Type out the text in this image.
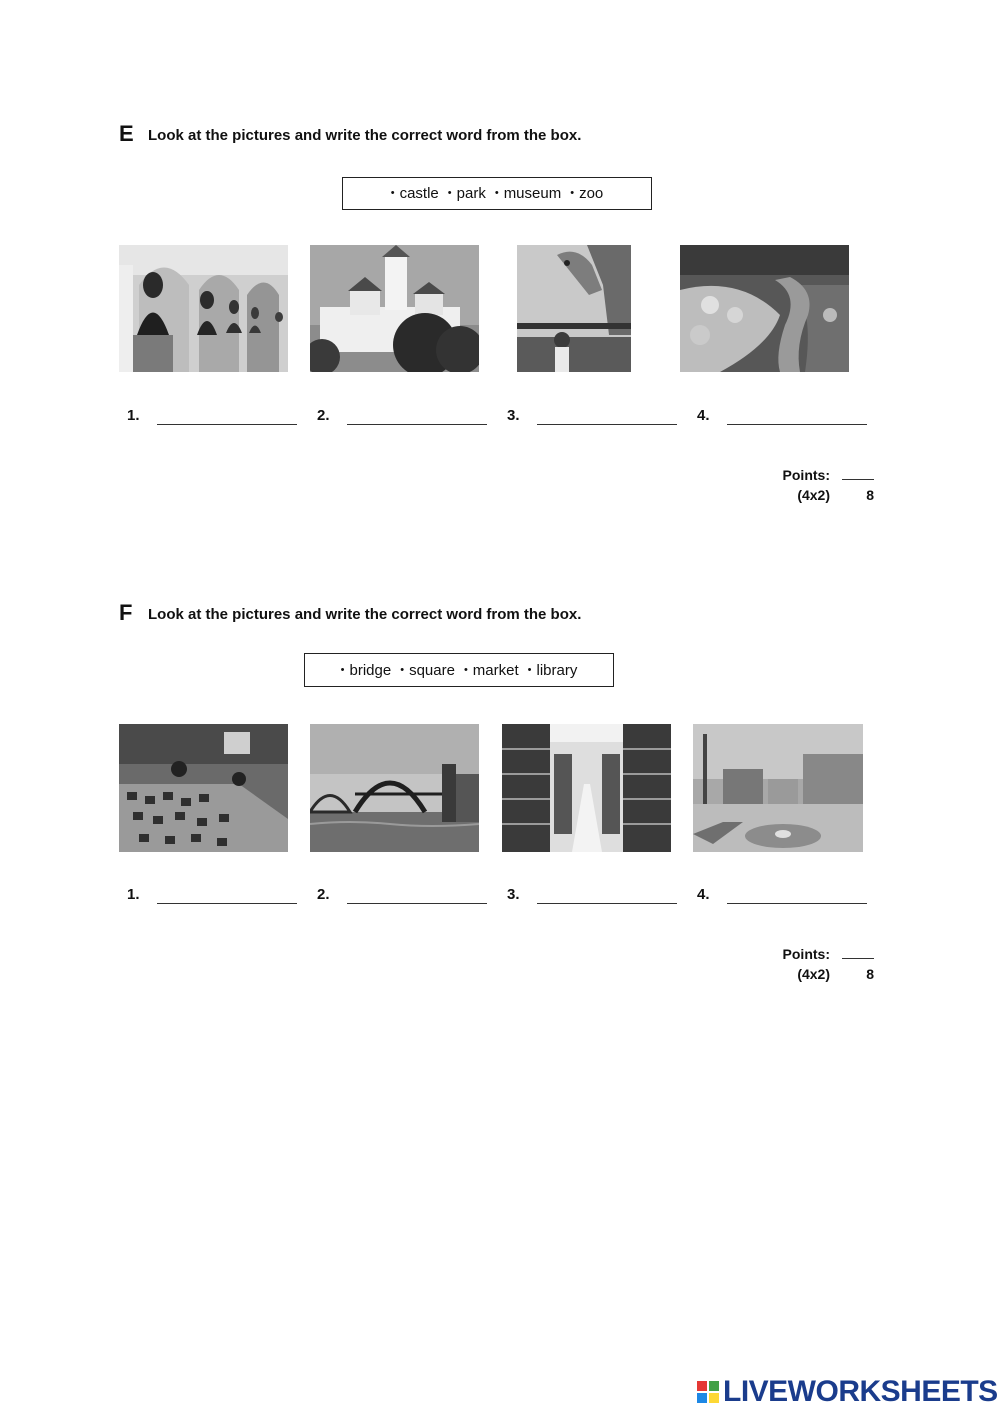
E Look at the pictures and write the correct word from the box.
• castle	• park	• museum	• zoo
1.	2.	3.	4.
Points:
(4x2)	8
F Look at the pictures and write the correct word from the box.
• bridge	• square	• market	• library
1.	2.	3.	4.
Points:
(4x2)	8
LIVEWORKSHEETS
